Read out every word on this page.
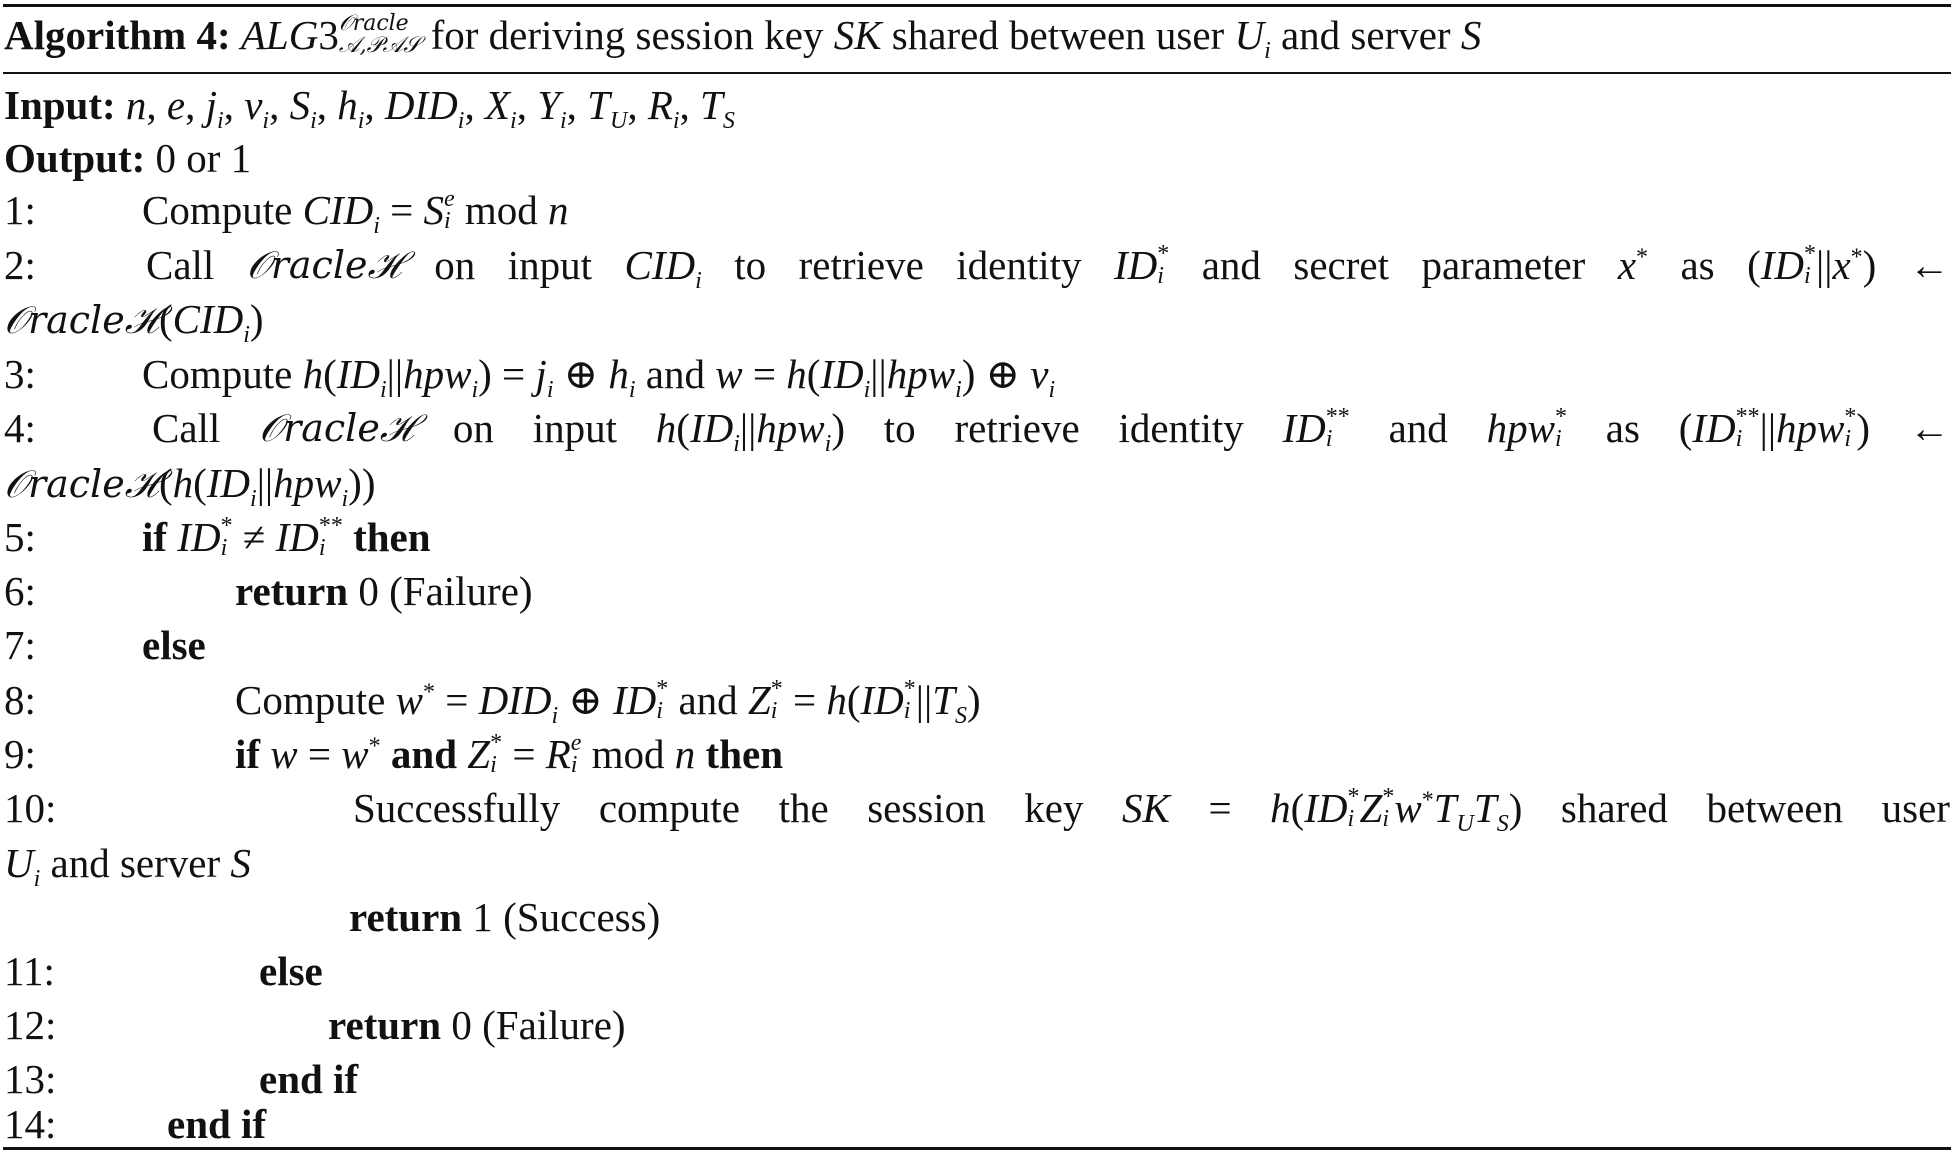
Algorithm 4: ALG3 𝒪racle
𝒜,𝒫𝒜𝒮 for deriving session key SK shared between user $U_i$ and server S
Input: n, e, $j_i$, $v_i$, $S_i$, $h_i$, $DID_i$, $X_i$, $Y_i$, $T_U$, $R_i$, $T_S$
Output: 0 or 1
1:	Compute $CID_i = S$ e
i mod n
2:	Call 𝒪racleℋ on input $CID_i$ to retrieve identity ID *
i and secret parameter x* as (ID *
i ||x*) ←
$𝒪racleℋ(CID_i)$
3:	Compute $h(ID_i||hpw_i) = j_i$ ⊕ $h_i$ and $w = h(ID_i||hpw_i)$ ⊕ $v_i$
4:	Call 𝒪racleℋ on input $h(ID_i||hpw_i)$ to retrieve identity ID **
i	and hpw *
i as (ID **
i ||hpw *
i ) ←
$𝒪racleℋ(h(ID_i||hpw_i))$
5:	if ID *
i ≠ ID **
i then
6:	return 0 (Failure)
7:	else
8:	Compute $w^* = DID_i$ ⊕ ID *
i and Z *
i = h(ID *
i $||T_S$)
9:	if w = w* and Z *
i = R e
i mod n then
10:	Successfully compute the session key SK = h(ID *
i Z *
i $w^*T_UT_S$) shared between user
$U_i$ and server S
return 1 (Success)
11:	else
12:	return 0 (Failure)
13:	end if
14:	end if
